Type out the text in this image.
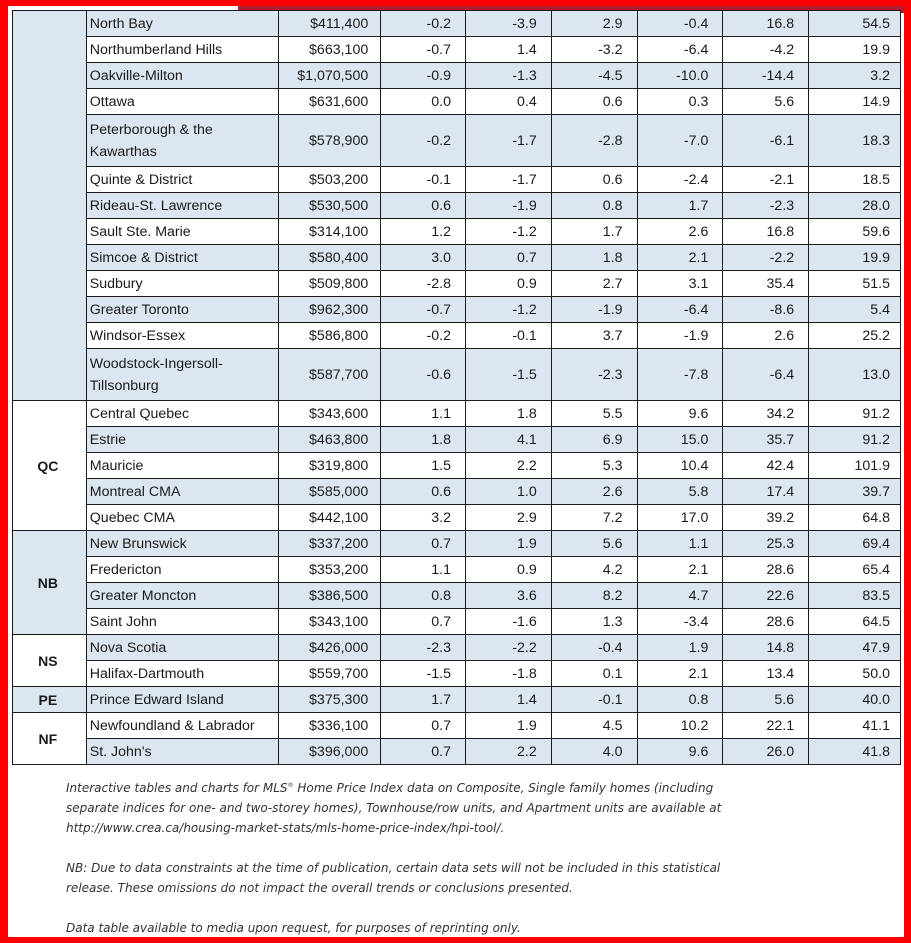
	North Bay	$411,400	-0.2	-3.9	2.9	-0.4	16.8	54.5
	Northumberland Hills	$663,100	-0.7	1.4	-3.2	-6.4	-4.2	19.9
	Oakville-Milton	$1,070,500	-0.9	-1.3	-4.5	-10.0	-14.4	3.2
	Ottawa	$631,600	0.0	0.4	0.6	0.3	5.6	14.9
	Peterborough & the Kawarthas	$578,900	-0.2	-1.7	-2.8	-7.0	-6.1	18.3
	Quinte & District	$503,200	-0.1	-1.7	0.6	-2.4	-2.1	18.5
	Rideau-St. Lawrence	$530,500	0.6	-1.9	0.8	1.7	-2.3	28.0
	Sault Ste. Marie	$314,100	1.2	-1.2	1.7	2.6	16.8	59.6
	Simcoe & District	$580,400	3.0	0.7	1.8	2.1	-2.2	19.9
	Sudbury	$509,800	-2.8	0.9	2.7	3.1	35.4	51.5
	Greater Toronto	$962,300	-0.7	-1.2	-1.9	-6.4	-8.6	5.4
	Windsor-Essex	$586,800	-0.2	-0.1	3.7	-1.9	2.6	25.2
	Woodstock-Ingersoll-Tillsonburg	$587,700	-0.6	-1.5	-2.3	-7.8	-6.4	13.0
QC	Central Quebec	$343,600	1.1	1.8	5.5	9.6	34.2	91.2
	Estrie	$463,800	1.8	4.1	6.9	15.0	35.7	91.2
	Mauricie	$319,800	1.5	2.2	5.3	10.4	42.4	101.9
	Montreal CMA	$585,000	0.6	1.0	2.6	5.8	17.4	39.7
	Quebec CMA	$442,100	3.2	2.9	7.2	17.0	39.2	64.8
NB	New Brunswick	$337,200	0.7	1.9	5.6	1.1	25.3	69.4
	Fredericton	$353,200	1.1	0.9	4.2	2.1	28.6	65.4
	Greater Moncton	$386,500	0.8	3.6	8.2	4.7	22.6	83.5
	Saint John	$343,100	0.7	-1.6	1.3	-3.4	28.6	64.5
NS	Nova Scotia	$426,000	-2.3	-2.2	-0.4	1.9	14.8	47.9
	Halifax-Dartmouth	$559,700	-1.5	-1.8	0.1	2.1	13.4	50.0
PE	Prince Edward Island	$375,300	1.7	1.4	-0.1	0.8	5.6	40.0
NF	Newfoundland & Labrador	$336,100	0.7	1.9	4.5	10.2	22.1	41.1
	St. John's	$396,000	0.7	2.2	4.0	9.6	26.0	41.8

Interactive tables and charts for MLS® Home Price Index data on Composite, Single family homes (including separate indices for one- and two-storey homes), Townhouse/row units, and Apartment units are available at http://www.crea.ca/housing-market-stats/mls-home-price-index/hpi-tool/.

NB: Due to data constraints at the time of publication, certain data sets will not be included in this statistical release. These omissions do not impact the overall trends or conclusions presented.

Data table available to media upon request, for purposes of reprinting only.
